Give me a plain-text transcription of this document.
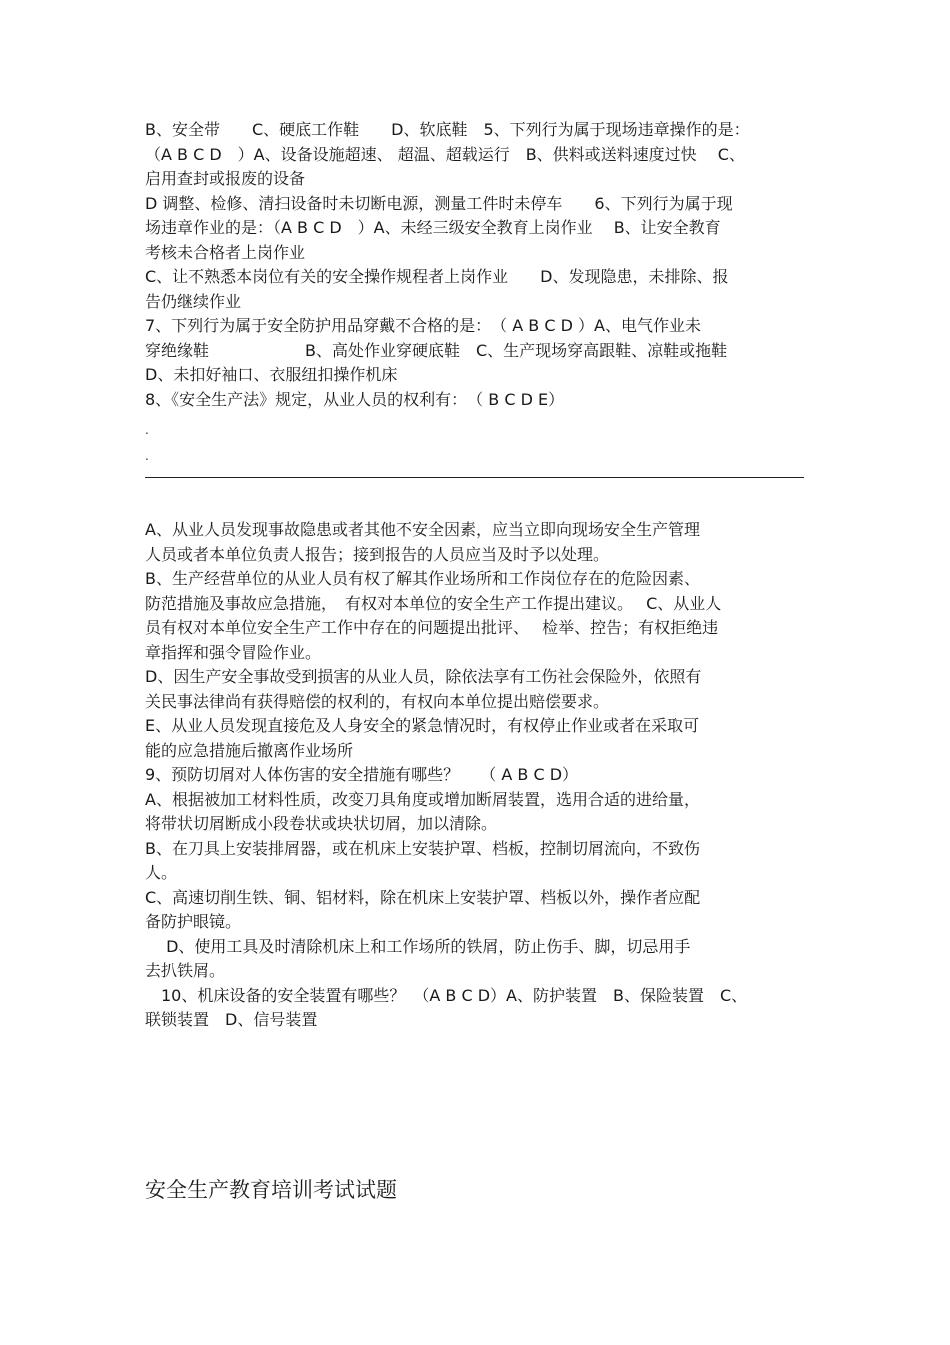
B、安全带　　C、硬底工作鞋　　D、软底鞋　5、下列行为属于现场违章操作的是：
（A B C D　）A、设备设施超速、 超温、超载运行　B、供料或送料速度过快　 C、
启用查封或报废的设备
D 调整、检修、清扫设备时未切断电源，测量工件时未停车　　6、下列行为属于现
场违章作业的是：（A B C D　）A、未经三级安全教育上岗作业　 B、让安全教育
考核未合格者上岗作业
C、让不熟悉本岗位有关的安全操作规程者上岗作业　　D、发现隐患，未排除、报
告仍继续作业
7、下列行为属于安全防护用品穿戴不合格的是：　（ A B C D ）A、电气作业未
穿绝缘鞋　　　　　　B、高处作业穿硬底鞋　C、生产现场穿高跟鞋、凉鞋或拖鞋
D、未扣好袖口、衣服纽扣操作机床
8、《安全生产法》规定，从业人员的权利有：　（ B C D E）
.
.
A、从业人员发现事故隐患或者其他不安全因素，应当立即向现场安全生产管理
人员或者本单位负责人报告；接到报告的人员应当及时予以处理。
B、生产经营单位的从业人员有权了解其作业场所和工作岗位存在的危险因素、
防范措施及事故应急措施，　有权对本单位的安全生产工作提出建议。　 C、从业人
员有权对本单位安全生产工作中存在的问题提出批评、　 检举、控告；有权拒绝违
章指挥和强令冒险作业。
D、因生产安全事故受到损害的从业人员，除依法享有工伤社会保险外，依照有
关民事法律尚有获得赔偿的权利的，有权向本单位提出赔偿要求。
E、从业人员发现直接危及人身安全的紧急情况时，有权停止作业或者在采取可
能的应急措施后撤离作业场所
9、预防切屑对人体伤害的安全措施有哪些？　 （ A B C D）
A、根据被加工材料性质，改变刀具角度或增加断屑装置，选用合适的进给量，
将带状切屑断成小段卷状或块状切屑，加以清除。
B、在刀具上安装排屑器，或在机床上安装护罩、档板，控制切屑流向，不致伤
人。
C、高速切削生铁、铜、铝材料，除在机床上安装护罩、档板以外，操作者应配
备防护眼镜。
　 D、使用工具及时清除机床上和工作场所的铁屑，防止伤手、脚，切忌用手
去扒铁屑。
　10、机床设备的安全装置有哪些？　（A B C D）A、防护装置　B、保险装置　C、
联锁装置　D、信号装置
安全生产教育培训考试试题
